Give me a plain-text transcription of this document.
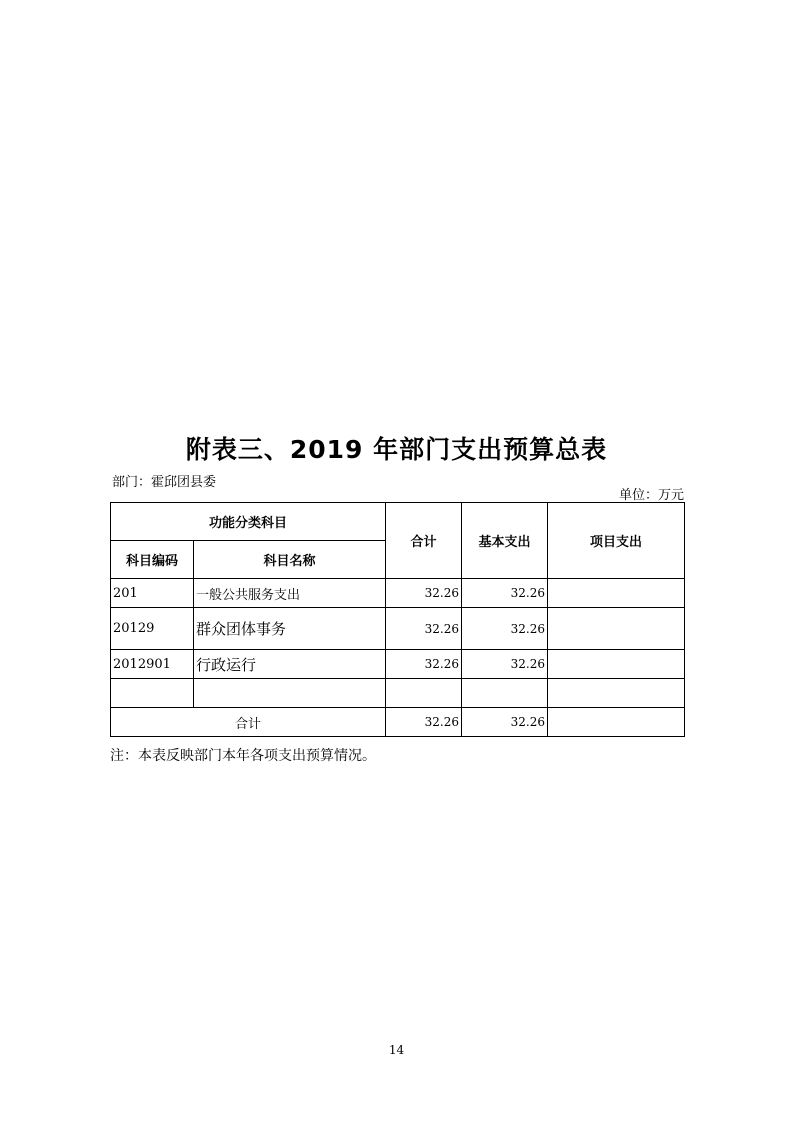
附表三、2019 年部门支出预算总表
部门：霍邱团县委
单位：万元
功能分类科目		合计	基本支出	项目支出
科目编码	科目名称			
201	一般公共服务支出	32.26	32.26	
20129	群众团体事务	32.26	32.26	
2012901	行政运行	32.26	32.26	

合计		32.26	32.26	
注：本表反映部门本年各项支出预算情况。
14
